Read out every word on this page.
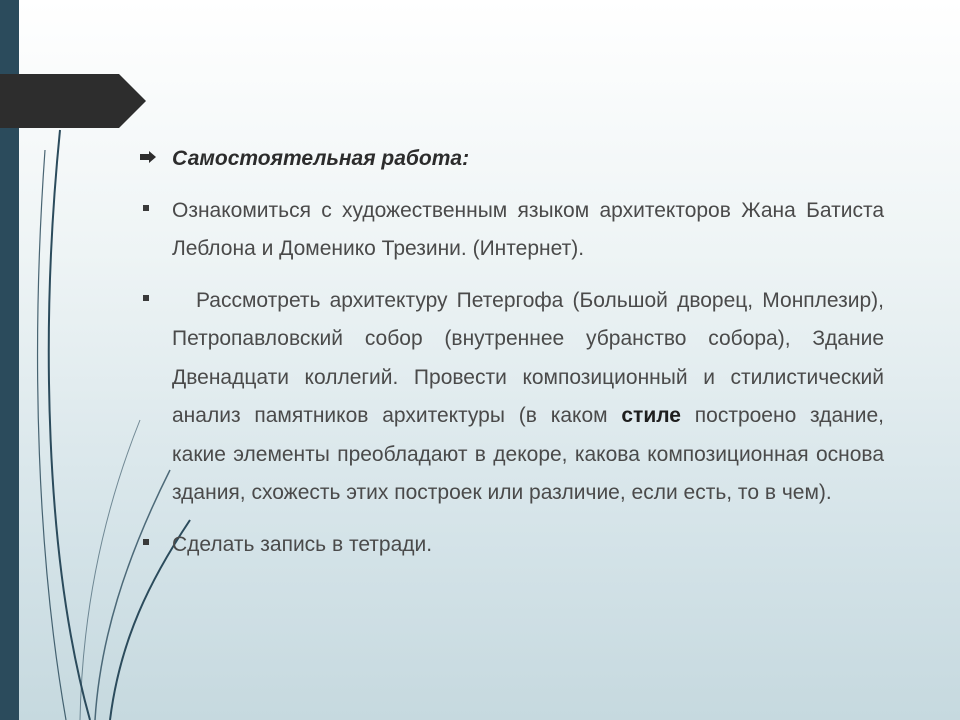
Самостоятельная работа:

Ознакомиться с художественным языком архитекторов Жана Батиста Леблона и Доменико Трезини. (Интернет).

Рассмотреть архитектуру Петергофа (Большой дворец, Монплезир), Петропавловский собор (внутреннее убранство собора), Здание Двенадцати коллегий. Провести композиционный и стилистический анализ памятников архитектуры (в каком стиле построено здание, какие элементы преобладают в декоре, какова композиционная основа здания, схожесть этих построек или различие, если есть, то в чем).

Сделать запись в тетради.
